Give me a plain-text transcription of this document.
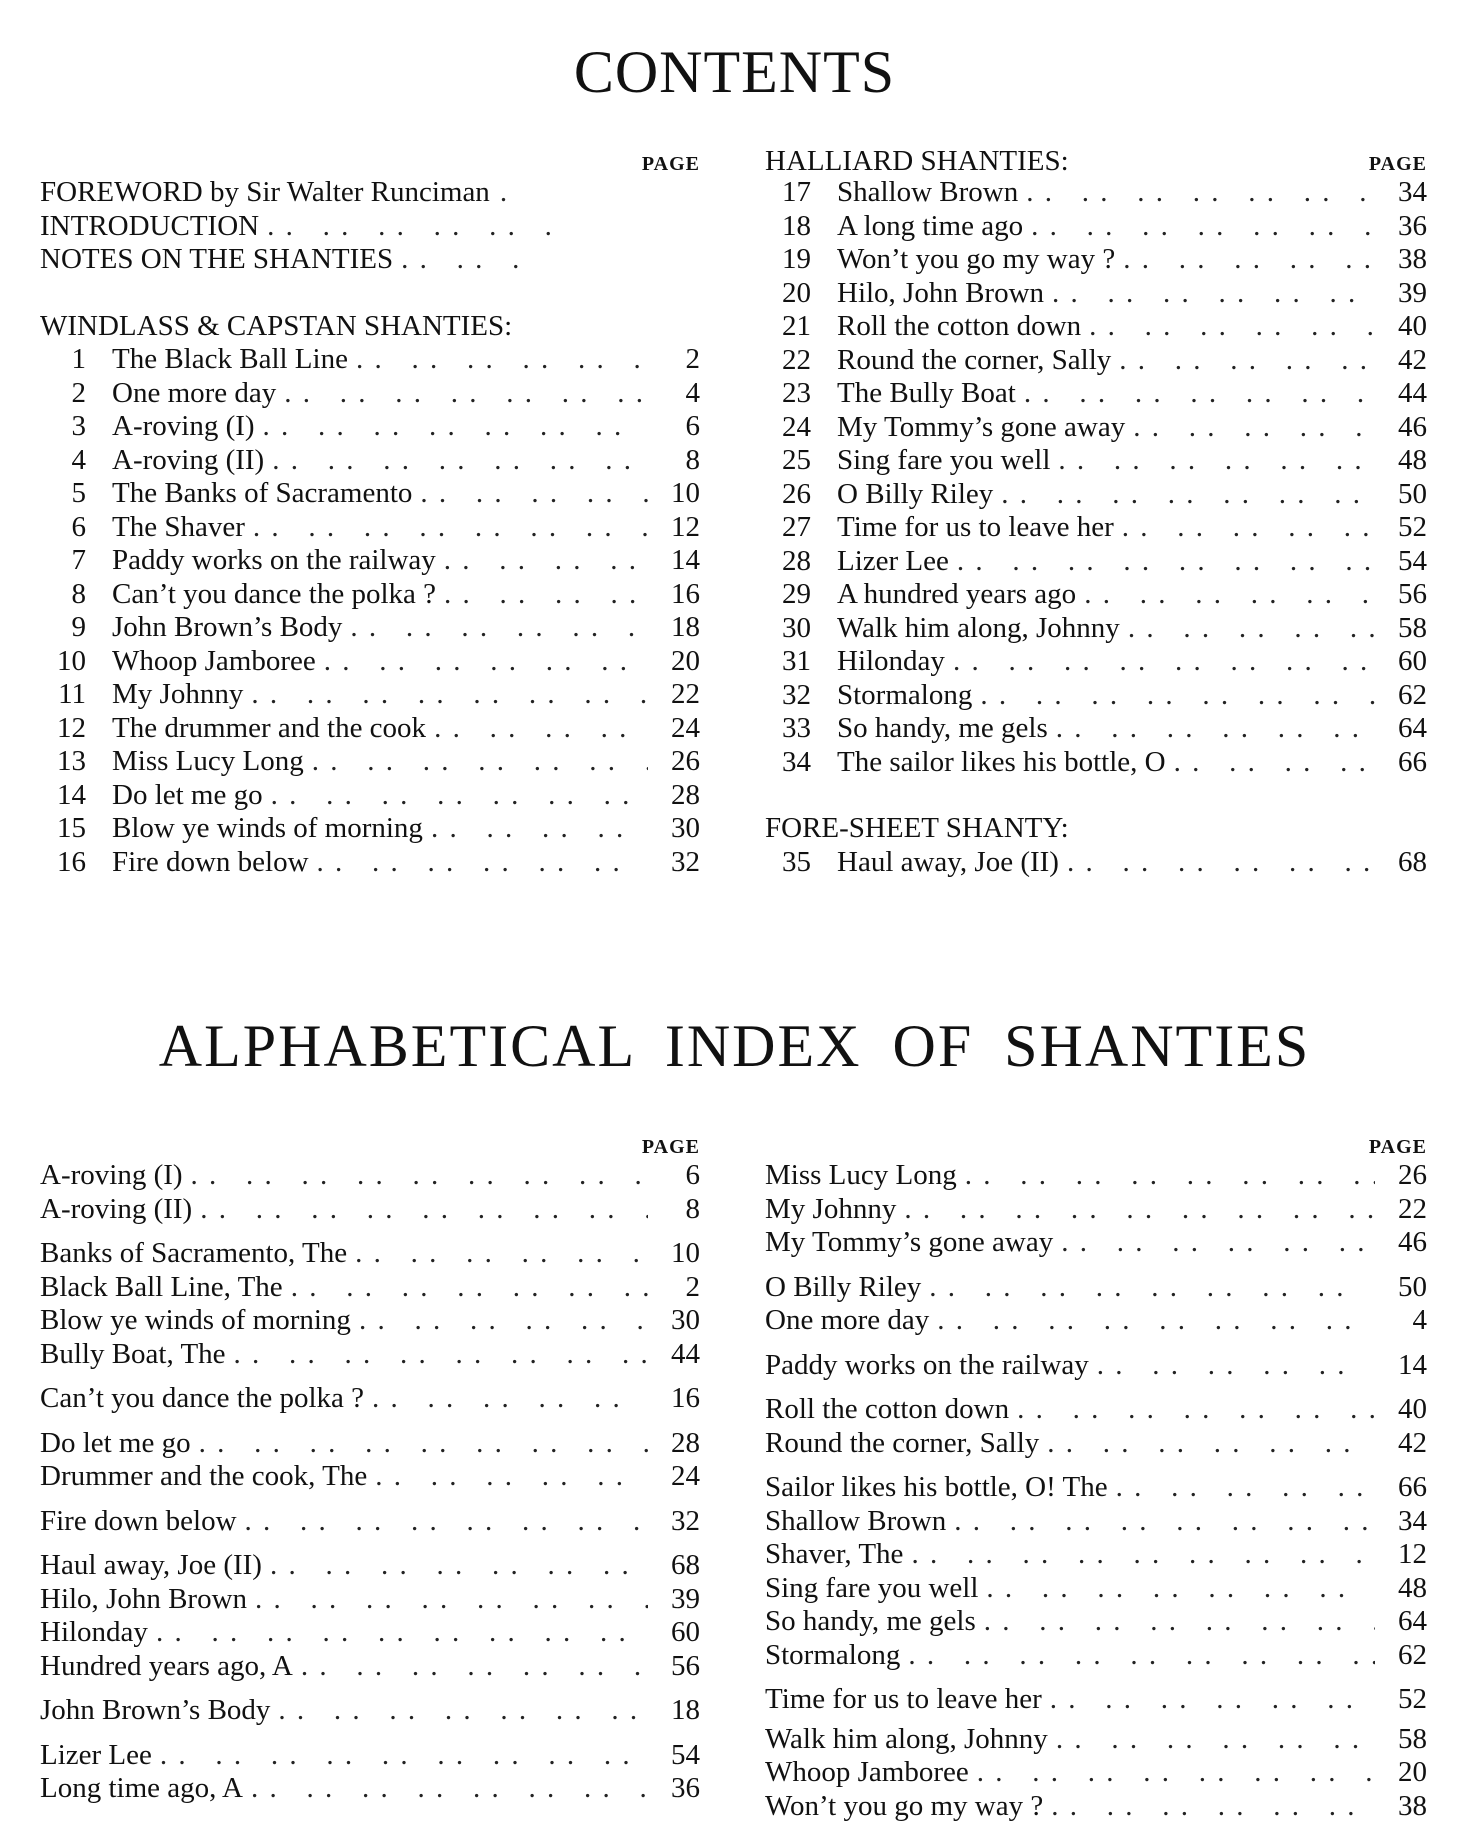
CONTENTS
PAGE
FOREWORD by Sir Walter Runciman
. .
INTRODUCTION
. .
NOTES ON THE SHANTIES
. .
WINDLASS & CAPSTAN SHANTIES:
1 The Black Ball Line . .	2
2 One more day . .	4
3 A-roving (I) . .	6
4 A-roving (II) . .	8
5 The Banks of Sacramento . .	10
6 The Shaver . .	12
7 Paddy works on the railway . .	14
8 Can’t you dance the polka ? . .	16
9 John Brown’s Body . .	18
10 Whoop Jamboree . .	20
11 My Johnny . .	22
12 The drummer and the cook . .	24
13 Miss Lucy Long . .	26
14 Do let me go . .	28
15 Blow ye winds of morning . .	30
16 Fire down below . .	32
HALLIARD SHANTIES:	PAGE
17 Shallow Brown . .	34
18 A long time ago . .	36
19 Won’t you go my way ? . .	38
20 Hilo, John Brown . .	39
21 Roll the cotton down . .	40
22 Round the corner, Sally . .	42
23 The Bully Boat . .	44
24 My Tommy’s gone away . .	46
25 Sing fare you well . .	48
26 O Billy Riley . .	50
27 Time for us to leave her . .	52
28 Lizer Lee . .	54
29 A hundred years ago . .	56
30 Walk him along, Johnny . .	58
31 Hilonday . .	60
32 Stormalong . .	62
33 So handy, me gels . .	64
34 The sailor likes his bottle, O . .	66
FORE-SHEET SHANTY:
35 Haul away, Joe (II) . .	68
ALPHABETICAL INDEX OF SHANTIES
PAGE
A-roving (I) . .	6
A-roving (II) . .	8
Banks of Sacramento, The . .	10
Black Ball Line, The . .	2
Blow ye winds of morning . .	30
Bully Boat, The . .	44
Can’t you dance the polka ? . .	16
Do let me go . .	28
Drummer and the cook, The . .	24
Fire down below . .	32
Haul away, Joe (II) . .	68
Hilo, John Brown . .	39
Hilonday . .	60
Hundred years ago, A . .	56
John Brown’s Body . .	18
Lizer Lee . .	54
Long time ago, A . .	36
PAGE
Miss Lucy Long . .	26
My Johnny . .	22
My Tommy’s gone away . .	46
O Billy Riley . .	50
One more day . .	4
Paddy works on the railway . .	14
Roll the cotton down . .	40
Round the corner, Sally . .	42
Sailor likes his bottle, O! The . .	66
Shallow Brown . .	34
Shaver, The . .	12
Sing fare you well . .	48
So handy, me gels . .	64
Stormalong . .	62
Time for us to leave her . .	52
Walk him along, Johnny . .	58
Whoop Jamboree . .	20
Won’t you go my way ? . .	38
